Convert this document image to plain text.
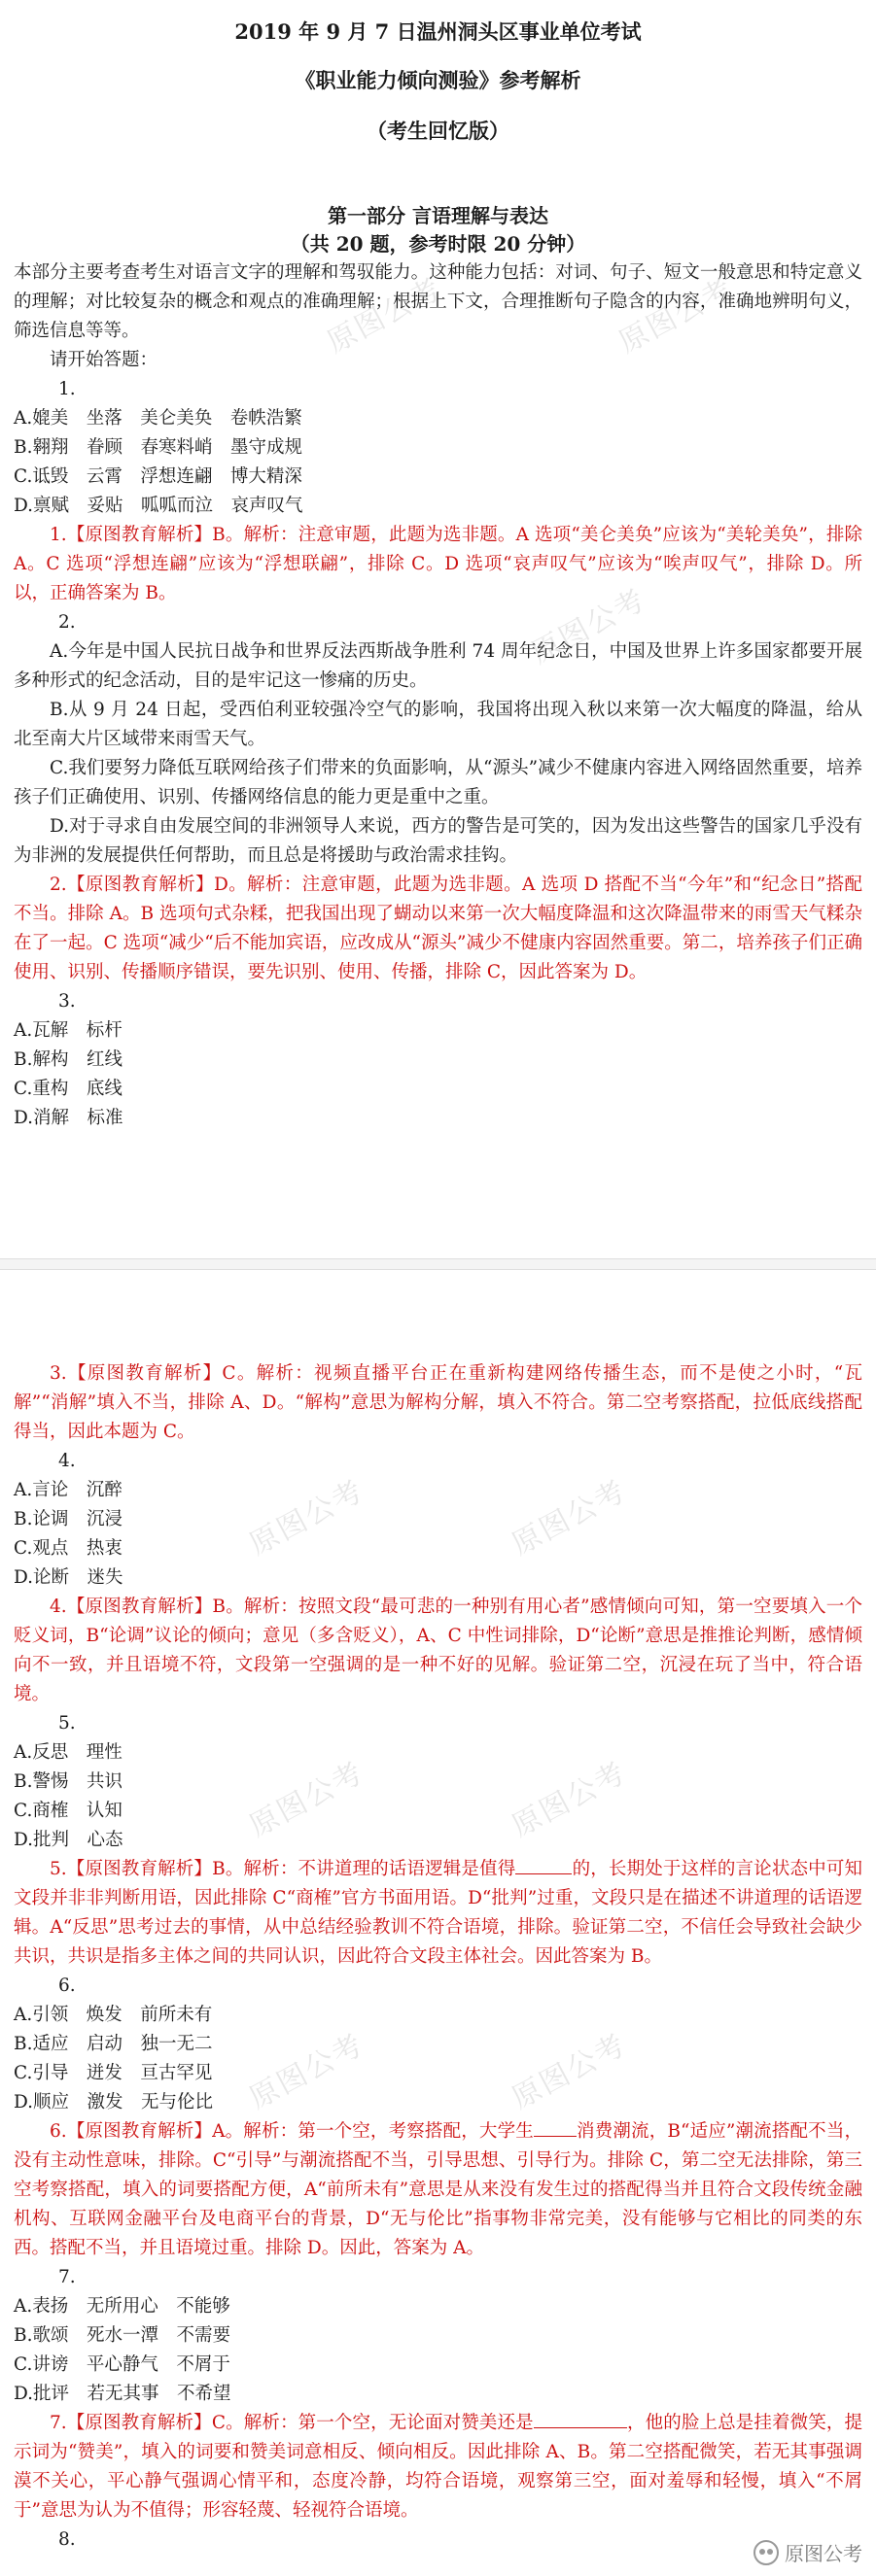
原图公考	原图公考
原图公考
2019 年 9 月 7 日温州洞头区事业单位考试
《职业能力倾向测验》参考解析
（考生回忆版）
第一部分 言语理解与表达
（共 20 题，参考时限 20 分钟）

本部分主要考查考生对语言文字的理解和驾驭能力。这种能力包括：对词、句子、短文一般意思和特定意义的理解；对比较复杂的概念和观点的准确理解；根据上下文，合理推断句子隐含的内容，准确地辨明句义，筛选信息等等。

请开始答题：

1.

A.媲美　坐落　美仑美奂　卷帙浩繁

B.翱翔　眷顾　春寒料峭　墨守成规

C.诋毁　云霄　浮想连翩　博大精深

D.禀赋　妥贴　呱呱而泣　哀声叹气

1.【原图教育解析】B。解析：注意审题，此题为选非题。A 选项“美仑美奂”应该为“美轮美奂”，排除 A。C 选项“浮想连翩”应该为“浮想联翩”，排除 C。D 选项“哀声叹气”应该为“唉声叹气”，排除 D。所以，正确答案为 B。

2.

A.今年是中国人民抗日战争和世界反法西斯战争胜利 74 周年纪念日，中国及世界上许多国家都要开展多种形式的纪念活动，目的是牢记这一惨痛的历史。

B.从 9 月 24 日起，受西伯利亚较强冷空气的影响，我国将出现入秋以来第一次大幅度的降温，给从北至南大片区域带来雨雪天气。

C.我们要努力降低互联网给孩子们带来的负面影响，从“源头”减少不健康内容进入网络固然重要，培养孩子们正确使用、识别、传播网络信息的能力更是重中之重。

D.对于寻求自由发展空间的非洲领导人来说，西方的警告是可笑的，因为发出这些警告的国家几乎没有为非洲的发展提供任何帮助，而且总是将援助与政治需求挂钩。

2.【原图教育解析】D。解析：注意审题，此题为选非题。A 选项 D 搭配不当“今年”和“纪念日”搭配不当。排除 A。B 选项句式杂糅，把我国出现了蝴动以来第一次大幅度降温和这次降温带来的雨雪天气糅杂在了一起。C 选项“减少“后不能加宾语，应改成从“源头”减少不健康内容固然重要。第二，培养孩子们正确使用、识别、传播顺序错误，要先识别、使用、传播，排除 C，因此答案为 D。

3.

A.瓦解　标杆

B.解构　红线

C.重构　底线

D.消解　标准

原图公考	原图公考
原图公考	原图公考
原图公考	原图公考

3.【原图教育解析】C。解析：视频直播平台正在重新构建网络传播生态，而不是使之小时，“瓦解”“消解”填入不当，排除 A、D。“解构”意思为解构分解，填入不符合。第二空考察搭配，拉低底线搭配得当，因此本题为 C。

4.

A.言论　沉醉

B.论调　沉浸

C.观点　热衷

D.论断　迷失

4.【原图教育解析】B。解析：按照文段“最可悲的一种别有用心者”感情倾向可知，第一空要填入一个贬义词，B“论调”议论的倾向；意见（多含贬义），A、C 中性词排除，D“论断”意思是推推论判断，感情倾向不一致，并且语境不符，文段第一空强调的是一种不好的见解。验证第二空，沉浸在玩了当中，符合语境。

5.

A.反思　理性

B.警惕　共识

C.商榷　认知

D.批判　心态

5.【原图教育解析】B。解析：不讲道理的话语逻辑是值得	的，长期处于这样的言论状态中可知文段并非非判断用语，因此排除 C“商榷”官方书面用语。D“批判”过重，文段只是在描述不讲道理的话语逻辑。A“反思”思考过去的事情，从中总结经验教训不符合语境，排除。验证第二空，不信任会导致社会缺少共识，共识是指多主体之间的共同认识，因此符合文段主体社会。因此答案为 B。

6.

A.引领　焕发　前所未有

B.适应　启动　独一无二

C.引导　迸发　亘古罕见

D.顺应　激发　无与伦比

6.【原图教育解析】A。解析：第一个空，考察搭配，大学生 消费潮流，B“适应”潮流搭配不当，没有主动性意味，排除。C“引导”与潮流搭配不当，引导思想、引导行为。排除 C，第二空无法排除，第三空考察搭配，填入的词要搭配方便，A“前所未有”意思是从来没有发生过的搭配得当并且符合文段传统金融机构、互联网金融平台及电商平台的背景，D“无与伦比”指事物非常完美，没有能够与它相比的同类的东西。搭配不当，并且语境过重。排除 D。因此，答案为 A。

7.

A.表扬　无所用心　不能够

B.歌颂　死水一潭　不需要

C.讲谤　平心静气　不屑于

D.批评　若无其事　不希望

7.【原图教育解析】C。解析：第一个空，无论面对赞美还是	，他的脸上总是挂着微笑，提示词为“赞美”，填入的词要和赞美词意相反、倾向相反。因此排除 A、B。第二空搭配微笑，若无其事强调漠不关心，平心静气强调心情平和，态度冷静，均符合语境，观察第三空，面对羞辱和轻慢，填入“不屑于”意思为认为不值得；形容轻蔑、轻视符合语境。

8.

原图公考
